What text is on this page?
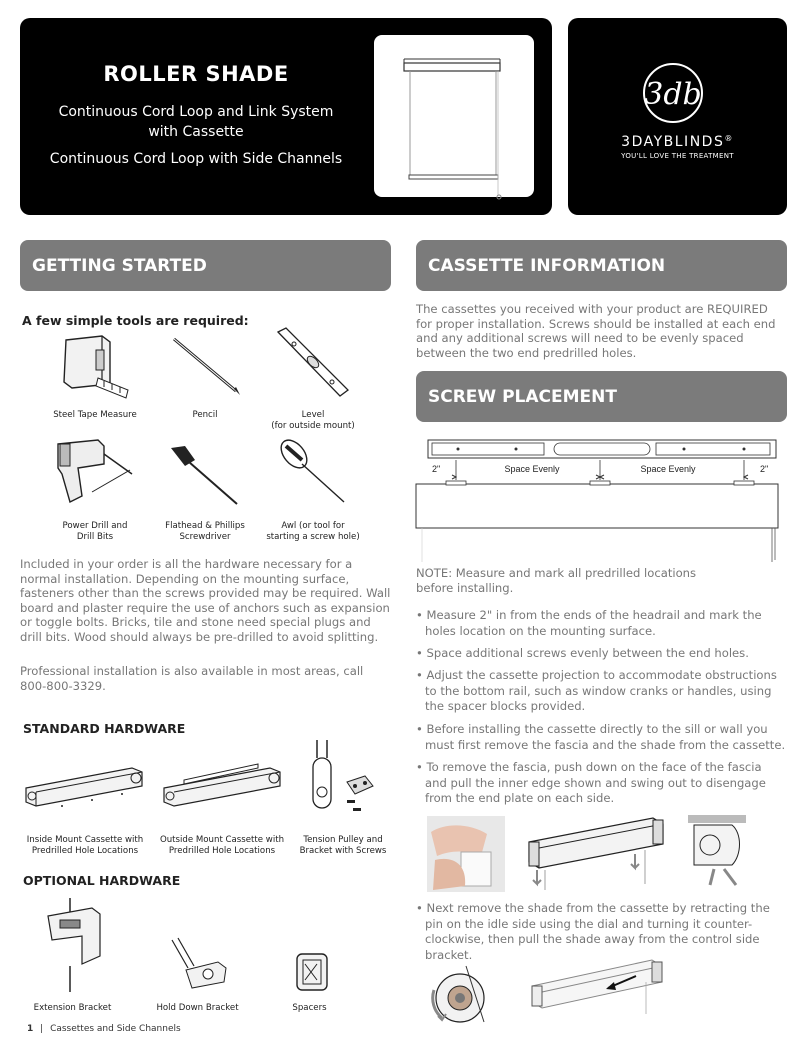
ROLLER SHADE
Continuous Cord Loop and Link System
with Cassette
Continuous Cord Loop with Side Channels
3db
3DAYBLINDS®
YOU'LL LOVE THE TREATMENT
GETTING STARTED
A few simple tools are required:
Steel Tape Measure	Pencil	Level
(for outside mount)
Power Drill and
Drill Bits
Flathead & Phillips
Screwdriver
Awl (or tool for
starting a screw hole)
Included in your order is all the hardware necessary for a normal installation. Depending on the mounting surface, fasteners other than the screws provided may be required. Wall board and plaster require the use of anchors such as expansion or toggle bolts. Bricks, tile and stone need special plugs and drill bits. Wood should always be pre-drilled to avoid splitting.
Professional installation is also available in most areas, call 800-800-3329.
STANDARD HARDWARE
Inside Mount Cassette with
Predrilled Hole Locations
Outside Mount Cassette with
Predrilled Hole Locations
Tension Pulley and
Bracket with Screws
OPTIONAL HARDWARE
Extension Bracket	Hold Down Bracket	Spacers
CASSETTE INFORMATION
The cassettes you received with your product are REQUIRED for proper installation. Screws should be installed at each end and any additional screws will need to be evenly spaced between the two end predrilled holes.
SCREW PLACEMENT
2"	Space Evenly	Space Evenly	2"
NOTE: Measure and mark all predrilled locations before installing.
• Measure 2" in from the ends of the headrail and mark the holes location on the mounting surface.
• Space additional screws evenly between the end holes.
• Adjust the cassette projection to accommodate obstructions to the bottom rail, such as window cranks or handles, using the spacer blocks provided.
• Before installing the cassette directly to the sill or wall you must first remove the fascia and the shade from the cassette.
• To remove the fascia, push down on the face of the fascia and pull the inner edge shown and swing out to disengage from the end plate on each side.
• Next remove the shade from the cassette by retracting the pin on the idle side using the dial and turning it counter-clockwise, then pull the shade away from the control side bracket.
1 | Cassettes and Side Channels
